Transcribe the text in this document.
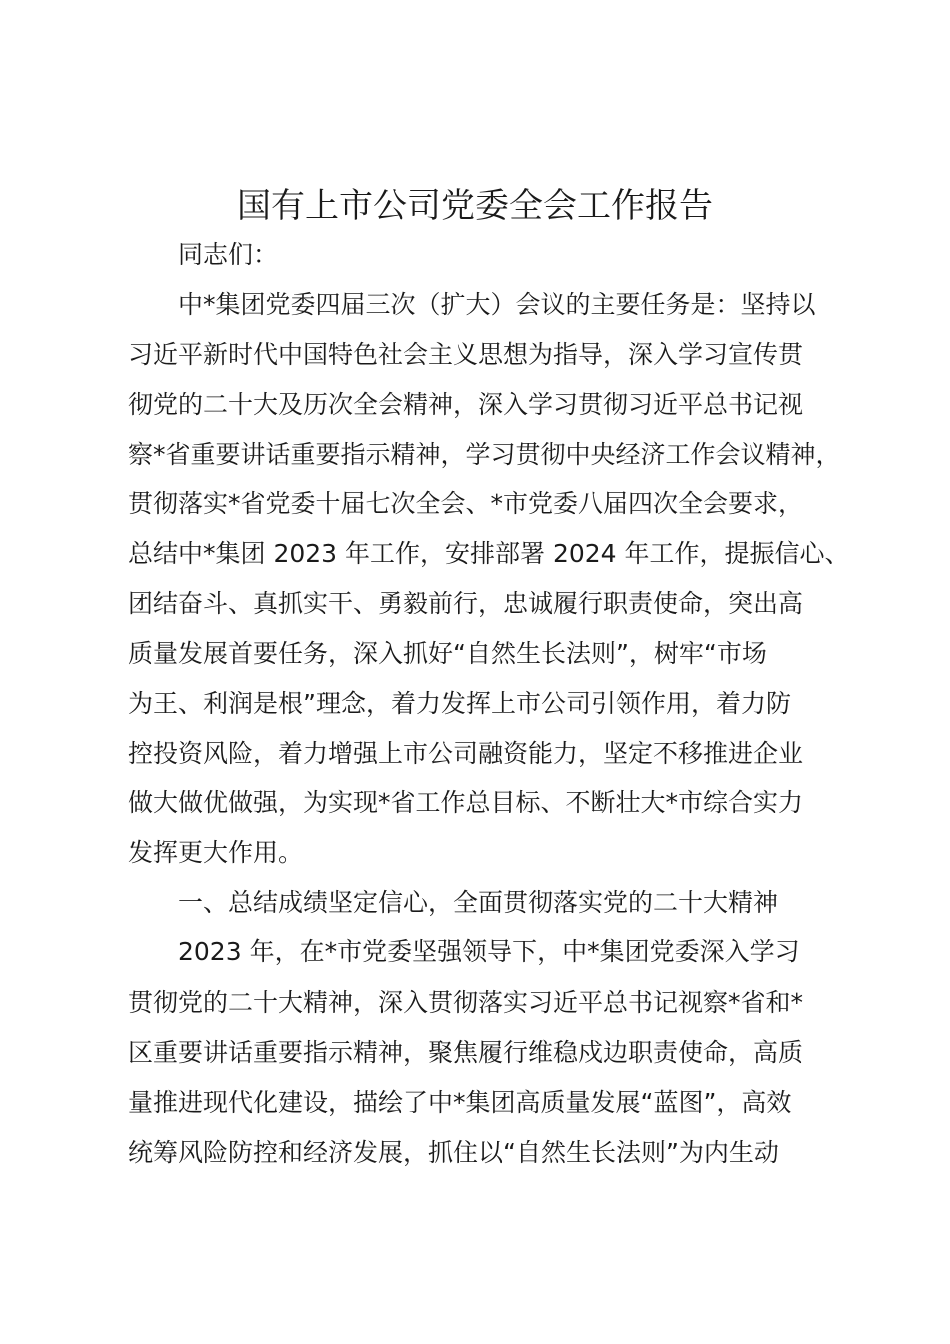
国有上市公司党委全会工作报告
同志们：
中*集团党委四届三次（扩大）会议的主要任务是：坚持以
习近平新时代中国特色社会主义思想为指导，深入学习宣传贯
彻党的二十大及历次全会精神，深入学习贯彻习近平总书记视
察*省重要讲话重要指示精神，学习贯彻中央经济工作会议精神，
贯彻落实*省党委十届七次全会、*市党委八届四次全会要求，
总结中*集团 2023 年工作，安排部署 2024 年工作，提振信心、
团结奋斗、真抓实干、勇毅前行，忠诚履行职责使命，突出高
质量发展首要任务，深入抓好“自然生长法则”，树牢“市场
为王、利润是根”理念，着力发挥上市公司引领作用，着力防
控投资风险，着力增强上市公司融资能力，坚定不移推进企业
做大做优做强，为实现*省工作总目标、不断壮大*市综合实力
发挥更大作用。
一、总结成绩坚定信心，全面贯彻落实党的二十大精神
2023 年，在*市党委坚强领导下，中*集团党委深入学习
贯彻党的二十大精神，深入贯彻落实习近平总书记视察*省和*
区重要讲话重要指示精神，聚焦履行维稳戍边职责使命，高质
量推进现代化建设，描绘了中*集团高质量发展“蓝图”，高效
统筹风险防控和经济发展，抓住以“自然生长法则”为内生动
